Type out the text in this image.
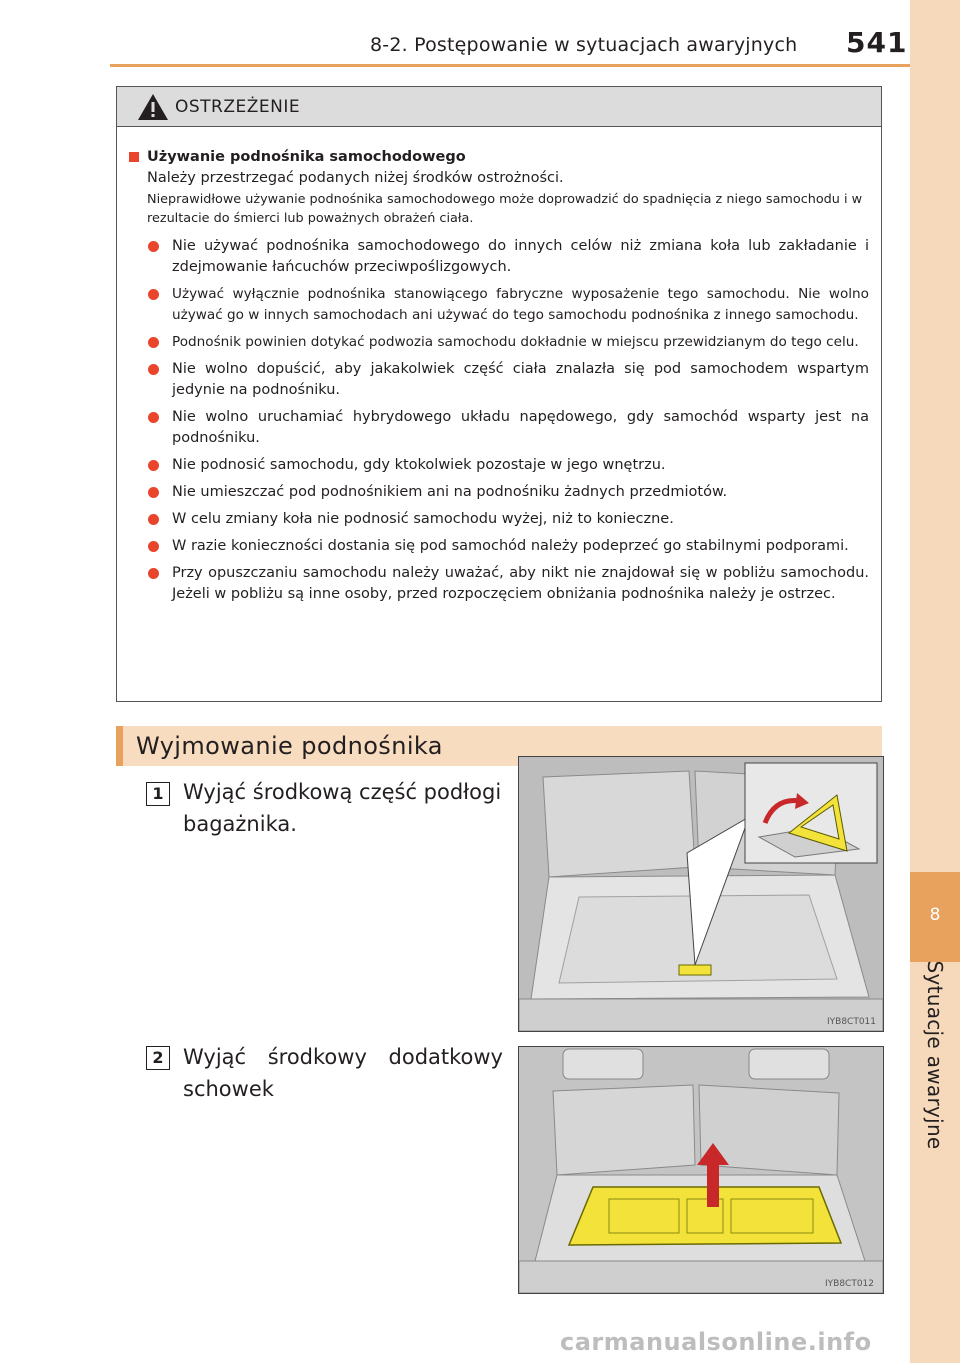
8-2. Postępowanie w sytuacjach awaryjnych 541
8
Sytuacje awaryjne
OSTRZEŻENIE
Używanie podnośnika samochodowego
Należy przestrzegać podanych niżej środków ostrożności.
Nieprawidłowe używanie podnośnika samochodowego może doprowadzić do spadnięcia z niego samochodu i w rezultacie do śmierci lub poważnych obrażeń ciała.
Nie używać podnośnika samochodowego do innych celów niż zmiana koła lub zakładanie i zdejmowanie łańcuchów przeciwpoślizgowych.
Używać wyłącznie podnośnika stanowiącego fabryczne wyposażenie tego samochodu. Nie wolno używać go w innych samochodach ani używać do tego samochodu podnośnika z innego samochodu.
Podnośnik powinien dotykać podwozia samochodu dokładnie w miejscu przewidzianym do tego celu.
Nie wolno dopuścić, aby jakakolwiek część ciała znalazła się pod samochodem wspartym jedynie na podnośniku.
Nie wolno uruchamiać hybrydowego układu napędowego, gdy samochód wsparty jest na podnośniku.
Nie podnosić samochodu, gdy ktokolwiek pozostaje w jego wnętrzu.
Nie umieszczać pod podnośnikiem ani na podnośniku żadnych przedmiotów.
W celu zmiany koła nie podnosić samochodu wyżej, niż to konieczne.
W razie konieczności dostania się pod samochód należy podeprzeć go stabilnymi podporami.
Przy opuszczaniu samochodu należy uważać, aby nikt nie znajdował się w pobliżu samochodu. Jeżeli w pobliżu są inne osoby, przed rozpoczęciem obniżania podnośnika należy je ostrzec.
Wyjmowanie podnośnika
1 Wyjąć środkową część podłogi bagażnika.
IYB8CT011
2 Wyjąć środkowy dodatkowy schowek
IYB8CT012
carmanualsonline.info
